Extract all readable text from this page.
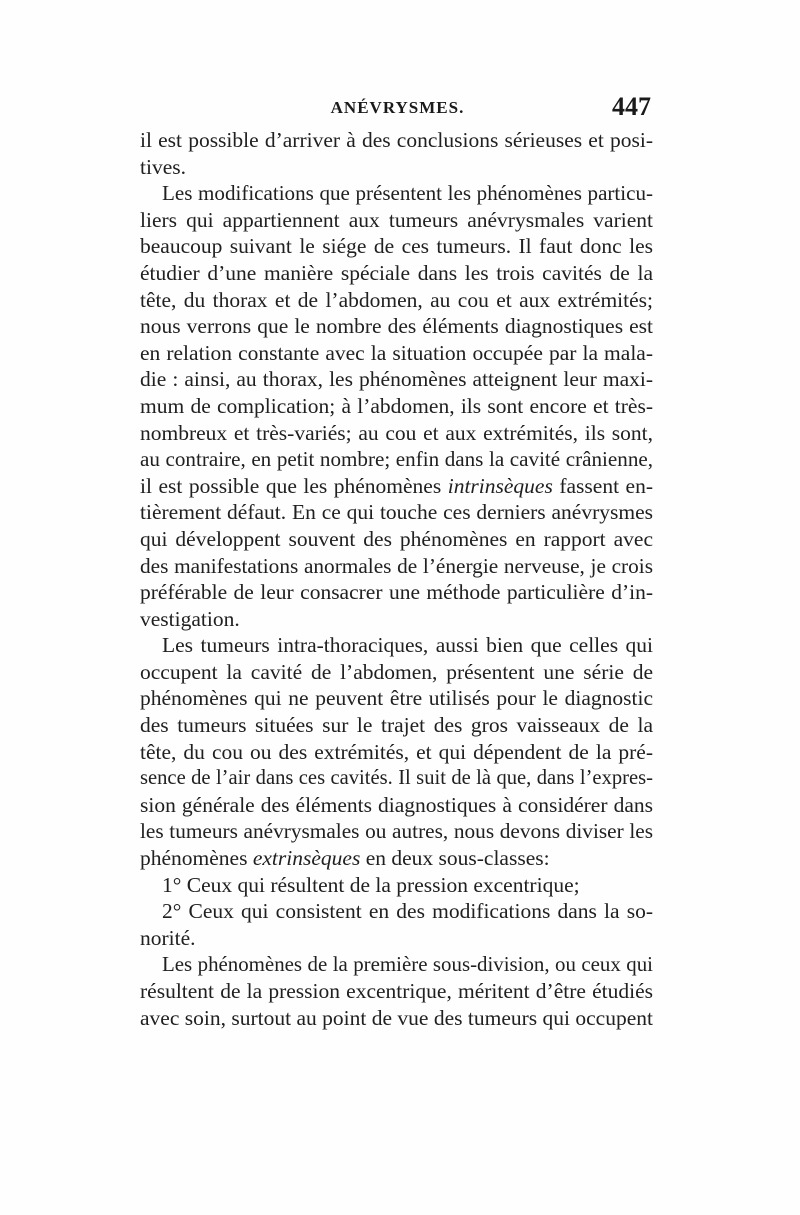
ANÉVRYSMES.	447
il est possible d’arriver à des conclusions sérieuses et posi-
tives.
Les modifications que présentent les phénomènes particu-
liers qui appartiennent aux tumeurs anévrysmales varient
beaucoup suivant le siége de ces tumeurs. Il faut donc les
étudier d’une manière spéciale dans les trois cavités de la
tête, du thorax et de l’abdomen, au cou et aux extrémités;
nous verrons que le nombre des éléments diagnostiques est
en relation constante avec la situation occupée par la mala-
die : ainsi, au thorax, les phénomènes atteignent leur maxi-
mum de complication; à l’abdomen, ils sont encore et très-
nombreux et très-variés; au cou et aux extrémités, ils sont,
au contraire, en petit nombre; enfin dans la cavité crânienne,
il est possible que les phénomènes intrinsèques fassent en-
tièrement défaut. En ce qui touche ces derniers anévrysmes
qui développent souvent des phénomènes en rapport avec
des manifestations anormales de l’énergie nerveuse, je crois
préférable de leur consacrer une méthode particulière d’in-
vestigation.
Les tumeurs intra-thoraciques, aussi bien que celles qui
occupent la cavité de l’abdomen, présentent une série de
phénomènes qui ne peuvent être utilisés pour le diagnostic
des tumeurs situées sur le trajet des gros vaisseaux de la
tête, du cou ou des extrémités, et qui dépendent de la pré-
sence de l’air dans ces cavités. Il suit de là que, dans l’expres-
sion générale des éléments diagnostiques à considérer dans
les tumeurs anévrysmales ou autres, nous devons diviser les
phénomènes extrinsèques en deux sous-classes:
1° Ceux qui résultent de la pression excentrique;
2° Ceux qui consistent en des modifications dans la so-
norité.
Les phénomènes de la première sous-division, ou ceux qui
résultent de la pression excentrique, méritent d’être étudiés
avec soin, surtout au point de vue des tumeurs qui occupent
